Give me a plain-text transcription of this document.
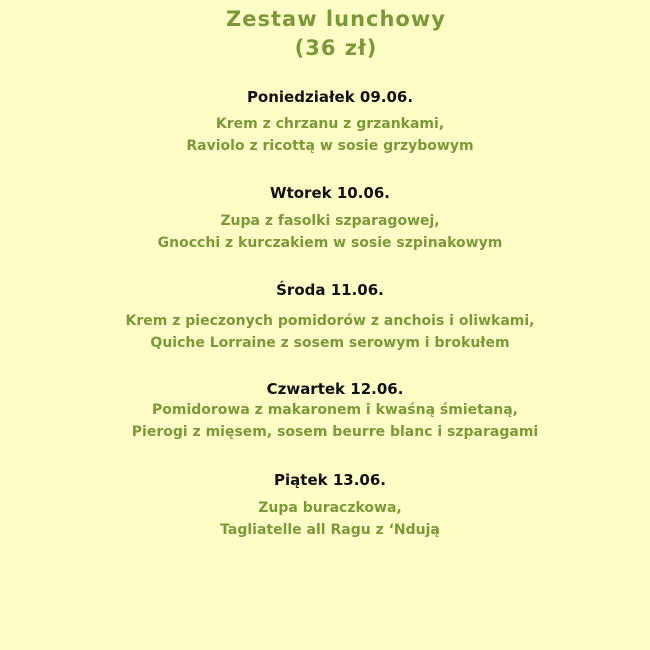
Zestaw lunchowy
(36 zł)

Poniedziałek 09.06.

Krem z chrzanu z grzankami,

Raviolo z ricottą w sosie grzybowym

Wtorek 10.06.

Zupa z fasolki szparagowej,

Gnocchi z kurczakiem w sosie szpinakowym

Środa 11.06.

Krem z pieczonych pomidorów z anchois i oliwkami,

Quiche Lorraine z sosem serowym i brokułem

Czwartek 12.06.

Pomidorowa z makaronem i kwaśną śmietaną,

Pierogi z mięsem, sosem beurre blanc i szparagami

Piątek 13.06.

Zupa buraczkowa,

Tagliatelle all Ragu z ‘Ndują
